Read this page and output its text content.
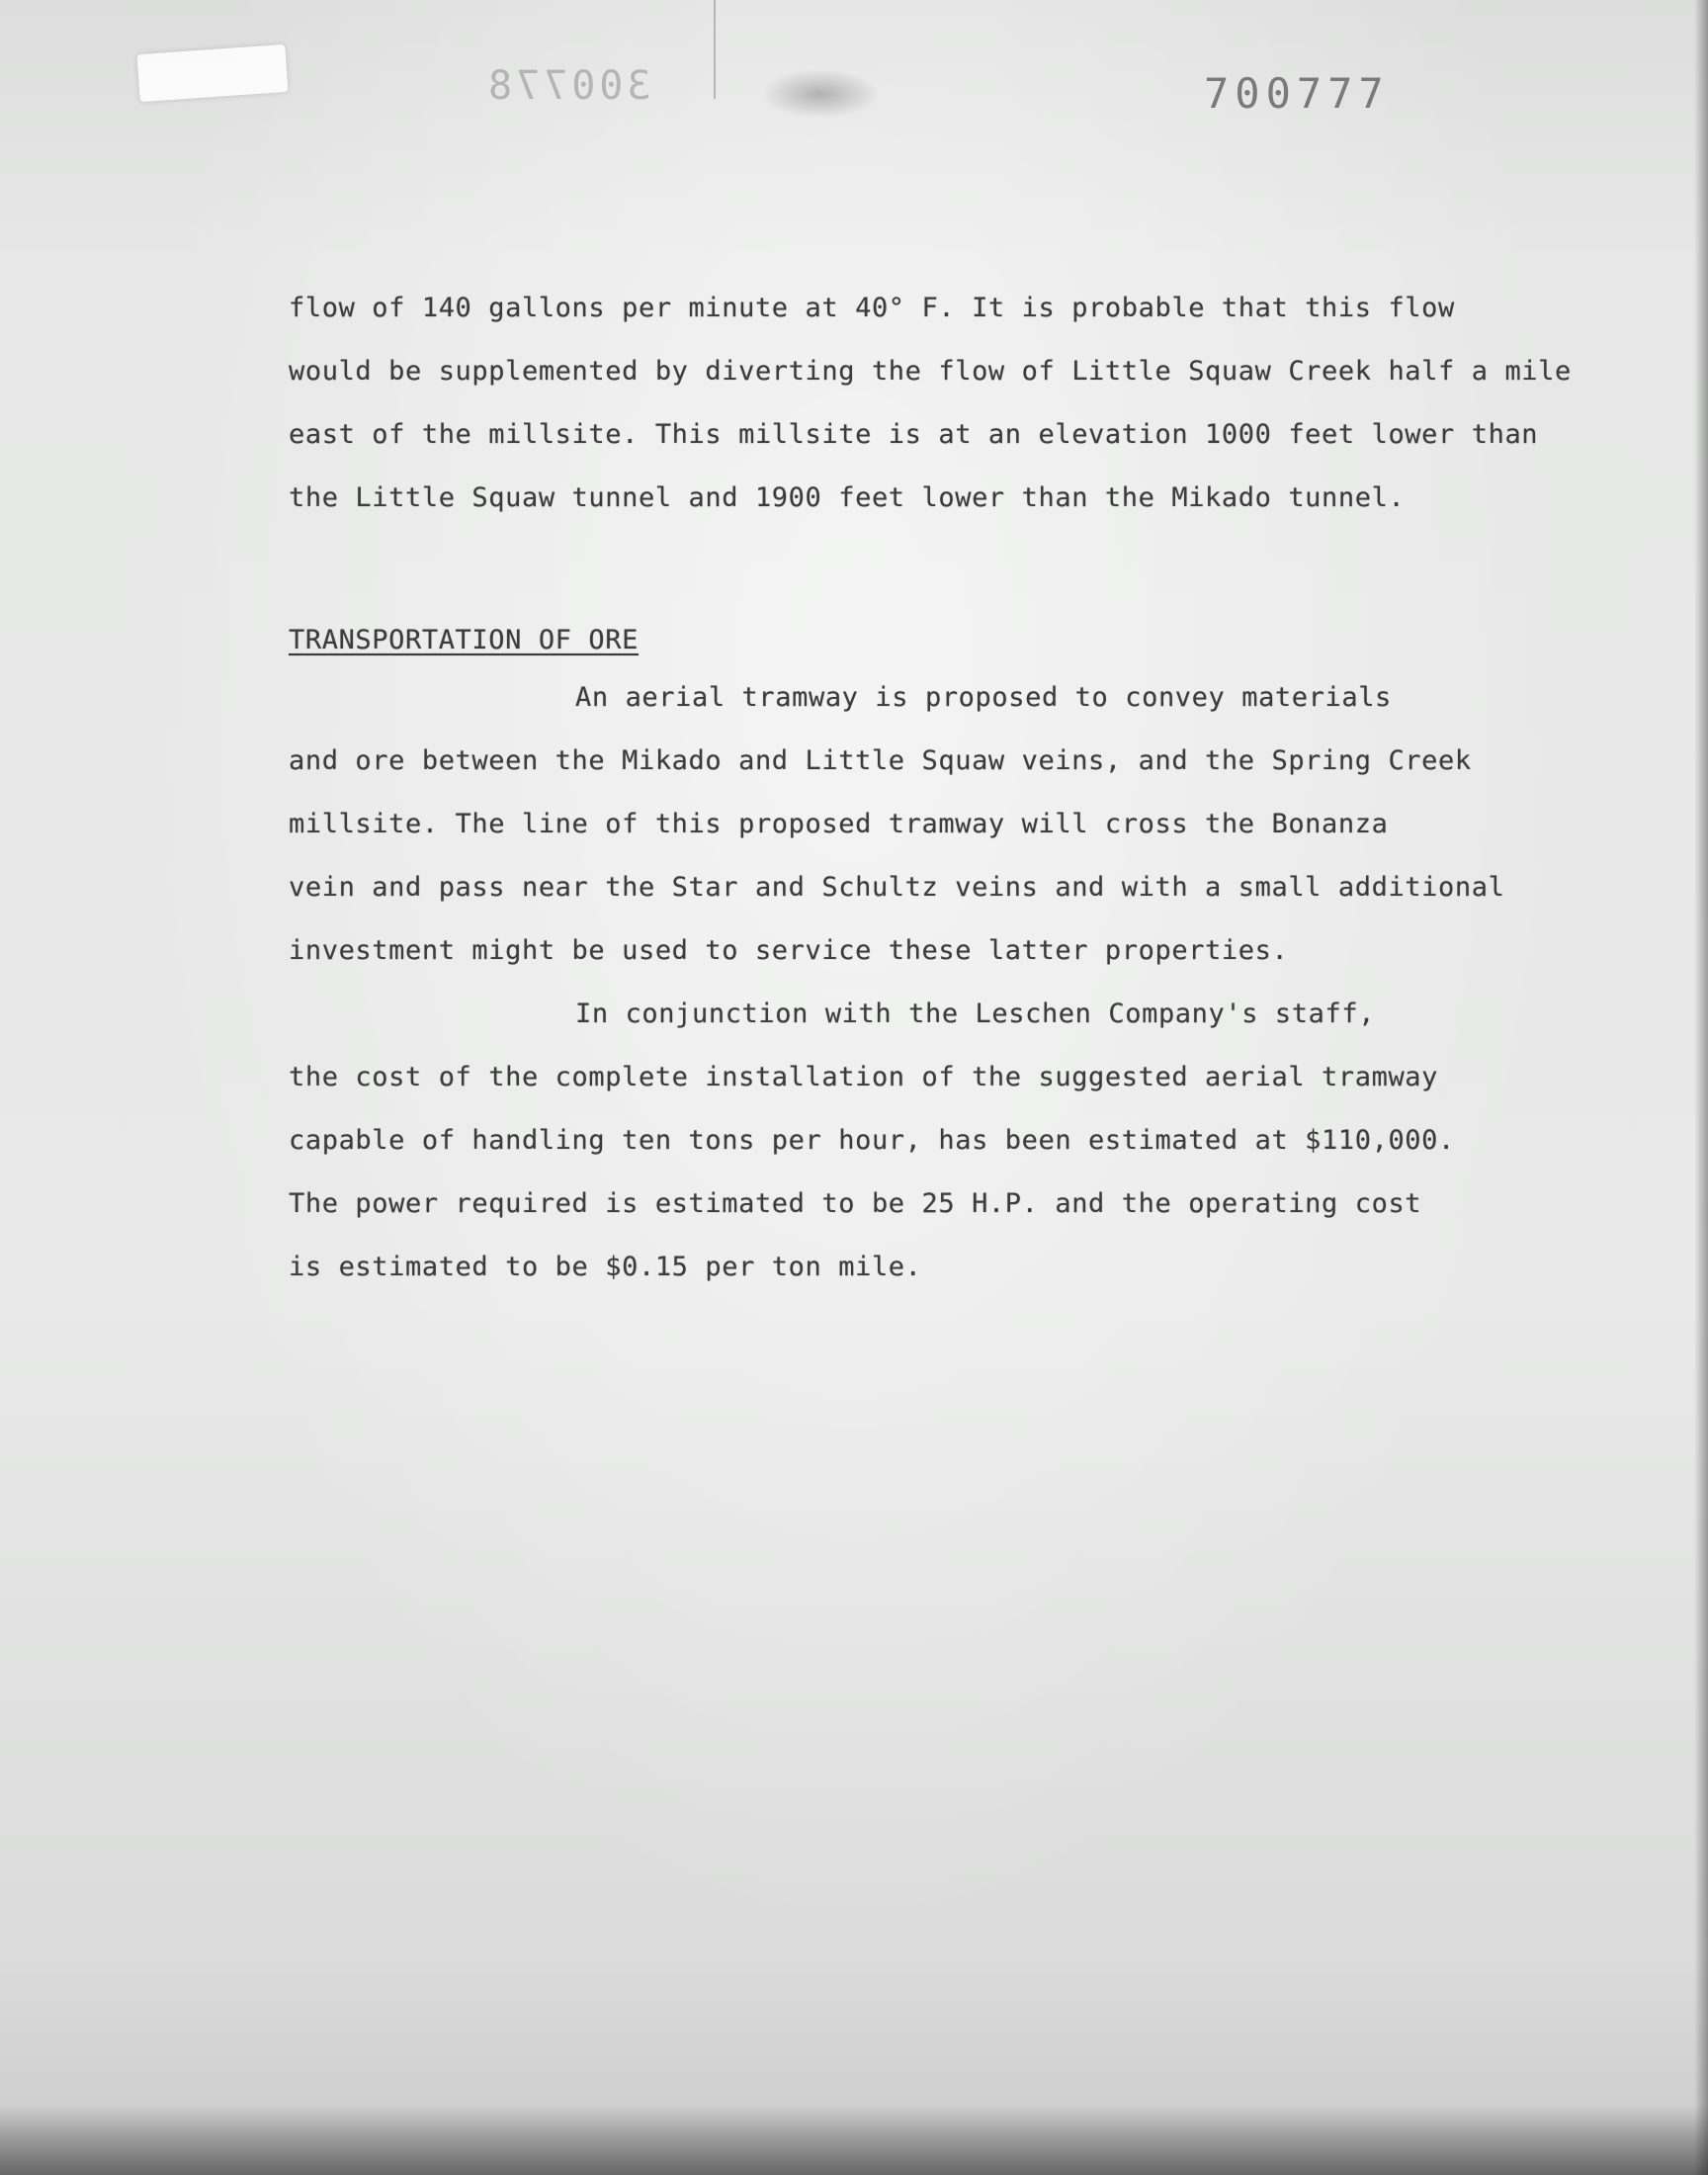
300778	700777
flow of 140 gallons per minute at 40° F. It is probable that this flow
would be supplemented by diverting the flow of Little Squaw Creek half a mile
east of the millsite. This millsite is at an elevation 1000 feet lower than
the Little Squaw tunnel and 1900 feet lower than the Mikado tunnel.
TRANSPORTATION OF ORE
An aerial tramway is proposed to convey materials
and ore between the Mikado and Little Squaw veins, and the Spring Creek
millsite. The line of this proposed tramway will cross the Bonanza
vein and pass near the Star and Schultz veins and with a small additional
investment might be used to service these latter properties.
In conjunction with the Leschen Company's staff,
the cost of the complete installation of the suggested aerial tramway
capable of handling ten tons per hour, has been estimated at $110,000.
The power required is estimated to be 25 H.P. and the operating cost
is estimated to be $0.15 per ton mile.
